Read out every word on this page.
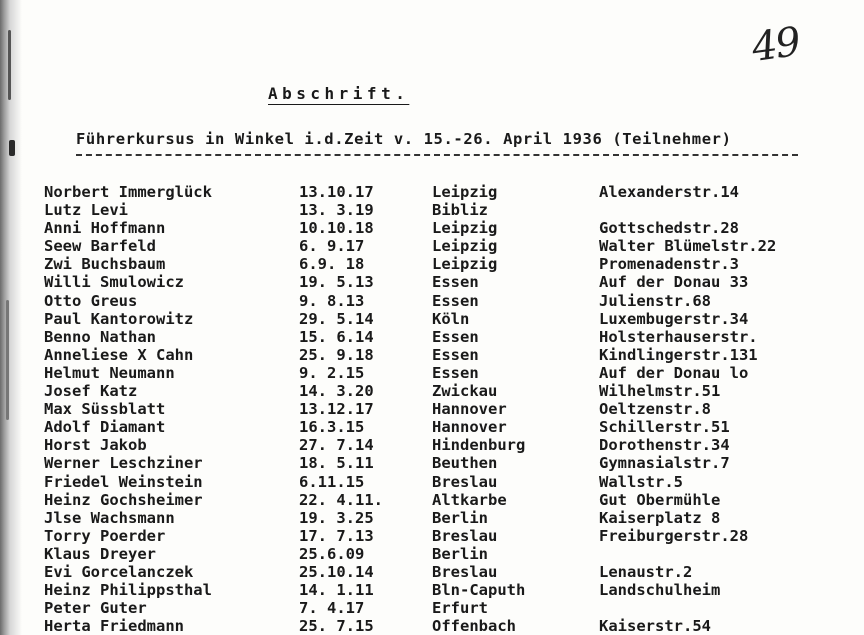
49
Abschrift.
Führerkursus in Winkel i.d.Zeit v. 15.-26. April 1936 (Teilnehmer)
Norbert Immerglück	13.10.17	Leipzig	Alexanderstr.14
Lutz Levi	13. 3.19	Bibliz
Anni Hoffmann	10.10.18	Leipzig	Gottschedstr.28
Seew Barfeld	6. 9.17	Leipzig	Walter Blümelstr.22
Zwi Buchsbaum	6.9. 18	Leipzig	Promenadenstr.3
Willi Smulowicz	19. 5.13	Essen	Auf der Donau 33
Otto Greus	9. 8.13	Essen	Julienstr.68
Paul Kantorowitz	29. 5.14	Köln	Luxembugerstr.34
Benno Nathan	15. 6.14	Essen	Holsterhauserstr.
Anneliese X Cahn	25. 9.18	Essen	Kindlingerstr.131
Helmut Neumann	9. 2.15	Essen	Auf der Donau lo
Josef Katz	14. 3.20	Zwickau	Wilhelmstr.51
Max Süssblatt	13.12.17	Hannover	Oeltzenstr.8
Adolf Diamant	16.3.15	Hannover	Schillerstr.51
Horst Jakob	27. 7.14	Hindenburg	Dorothenstr.34
Werner Leschziner	18. 5.11	Beuthen	Gymnasialstr.7
Friedel Weinstein	6.11.15	Breslau	Wallstr.5
Heinz Gochsheimer	22. 4.11.	Altkarbe	Gut Obermühle
Jlse Wachsmann	19. 3.25	Berlin	Kaiserplatz 8
Torry Poerder	17. 7.13	Breslau	Freiburgerstr.28
Klaus Dreyer	25.6.09	Berlin
Evi Gorcelanczek	25.10.14	Breslau	Lenaustr.2
Heinz Philippsthal	14. 1.11	Bln-Caputh	Landschulheim
Peter Guter	7. 4.17	Erfurt
Herta Friedmann	25. 7.15	Offenbach	Kaiserstr.54
